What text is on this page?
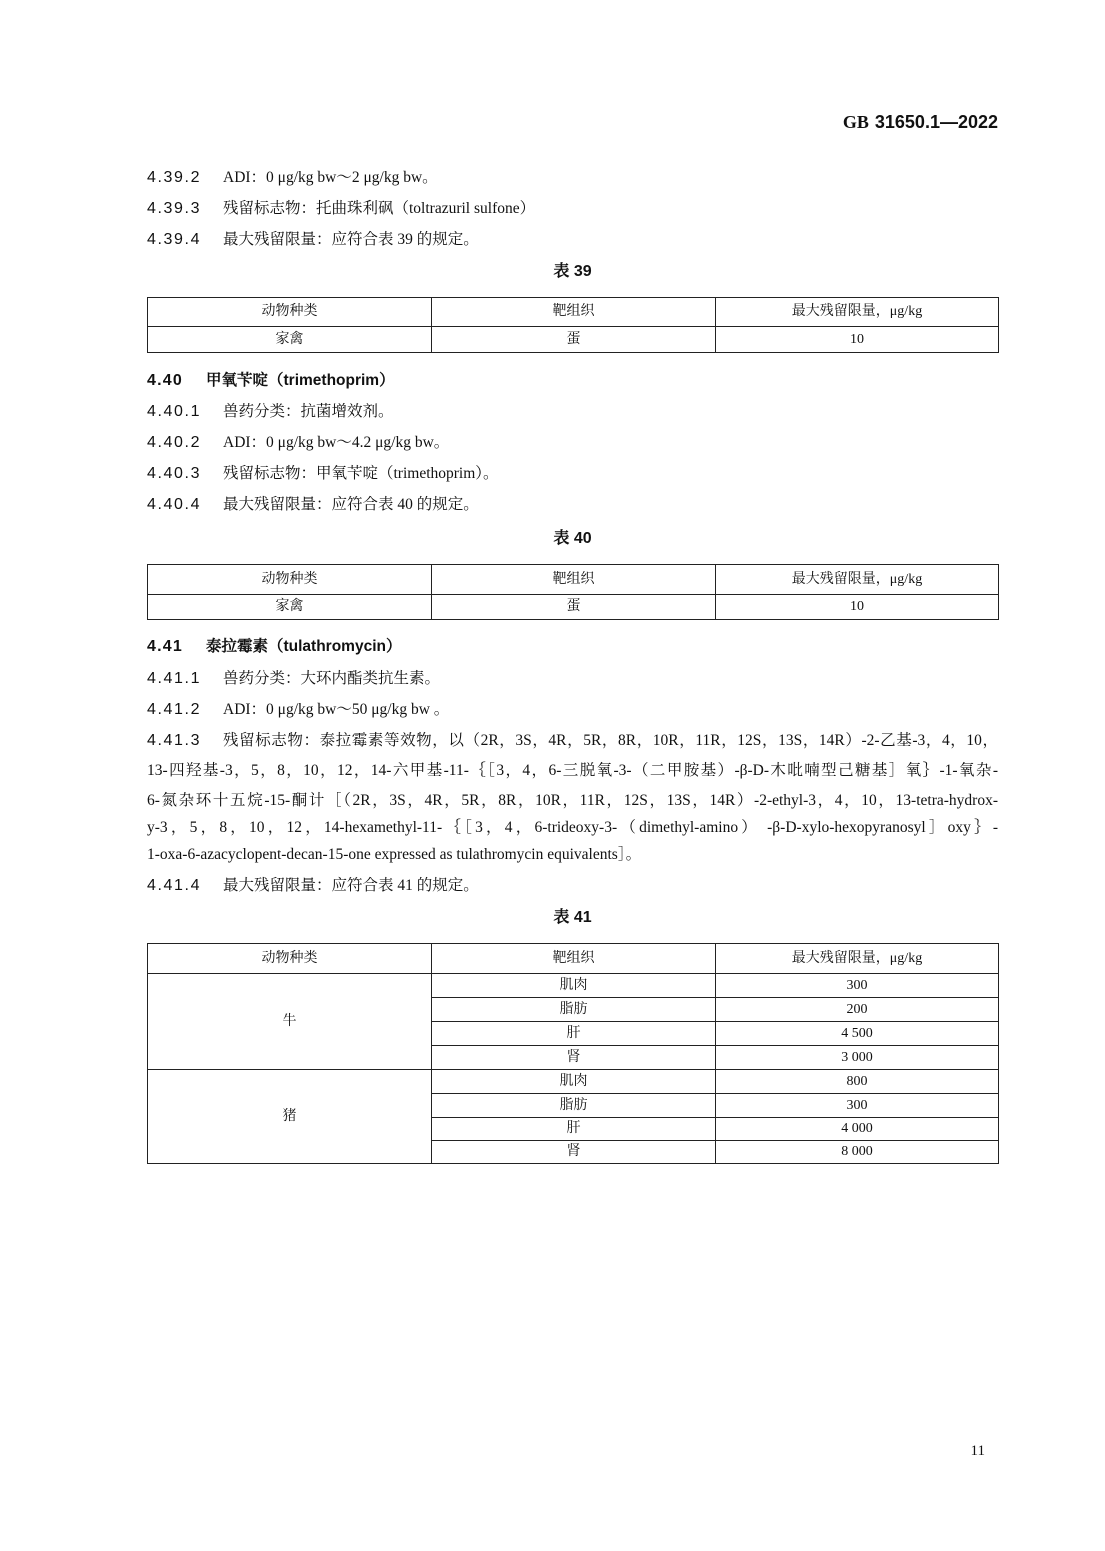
GB 31650.1—2022
4.39.2 ADI：0 μg/kg bw～2 μg/kg bw。
4.39.3 残留标志物：托曲珠利砜（toltrazuril sulfone）
4.39.4 最大残留限量：应符合表 39 的规定。
表 39
动物种类	靶组织	最大残留限量，μg/kg
家禽	蛋	10
4.40 甲氧苄啶（trimethoprim）
4.40.1 兽药分类：抗菌增效剂。
4.40.2 ADI：0 μg/kg bw～4.2 μg/kg bw。
4.40.3 残留标志物：甲氧苄啶（trimethoprim）。
4.40.4 最大残留限量：应符合表 40 的规定。
表 40
动物种类	靶组织	最大残留限量，μg/kg
家禽	蛋	10
4.41 泰拉霉素（tulathromycin）
4.41.1 兽药分类：大环内酯类抗生素。
4.41.2 ADI：0 μg/kg bw～50 μg/kg bw 。
4.41.3 残留标志物：泰拉霉素等效物，以（2R，3S，4R，5R，8R，10R，11R，12S，13S，14R）-2-乙基-3，4，10，
13-四羟基-3，5，8，10，12，14-六甲基-11-｛［3，4，6-三脱氧-3-（二甲胺基）-β-D-木吡喃型己糖基］氧｝-1-氧杂-
6-氮杂环十五烷-15-酮计［（2R，3S，4R，5R，8R，10R，11R，12S，13S，14R）-2-ethyl-3，4，10，13-tetra-hydrox-
y-3，5，8，10，12，14-hexamethyl-11-｛［3，4，6-trideoxy-3-（dimethyl-amino） -β-D-xylo-hexopyranosyl］oxy｝-
1-oxa-6-azacyclopent-decan-15-one expressed as tulathromycin equivalents］。
4.41.4 最大残留限量：应符合表 41 的规定。
表 41
动物种类	靶组织	最大残留限量，μg/kg
牛	肌肉	300
	脂肪	200
	肝	4 500
	肾	3 000
猪	肌肉	800
	脂肪	300
	肝	4 000
	肾	8 000
11
